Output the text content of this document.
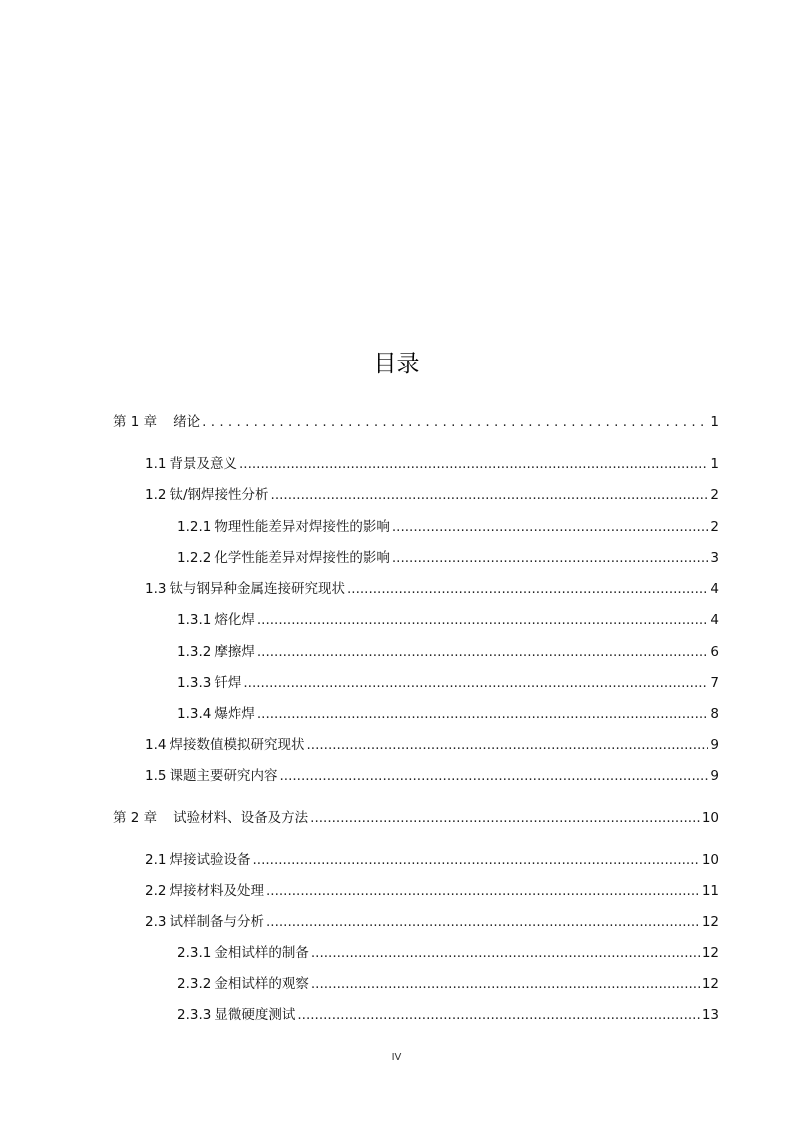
目录
第 1 章 绪论 . . .	1
1.1 背景及意义 .....	1
1.2 钛/钢焊接性分析 .....	2
1.2.1 物理性能差异对焊接性的影响 .....	2
1.2.2 化学性能差异对焊接性的影响 .....	3
1.3 钛与钢异种金属连接研究现状 .....	4
1.3.1 熔化焊 .....	4
1.3.2 摩擦焊 .....	6
1.3.3 钎焊 .....	7
1.3.4 爆炸焊 .....	8
1.4 焊接数值模拟研究现状 .....	9
1.5 课题主要研究内容 .....	9
第 2 章 试验材料、设备及方法 .....	10
2.1 焊接试验设备 .....	10
2.2 焊接材料及处理 .....	11
2.3 试样制备与分析 .....	12
2.3.1 金相试样的制备 .....	12
2.3.2 金相试样的观察 .....	12
2.3.3 显微硬度测试 .....	13
IV
